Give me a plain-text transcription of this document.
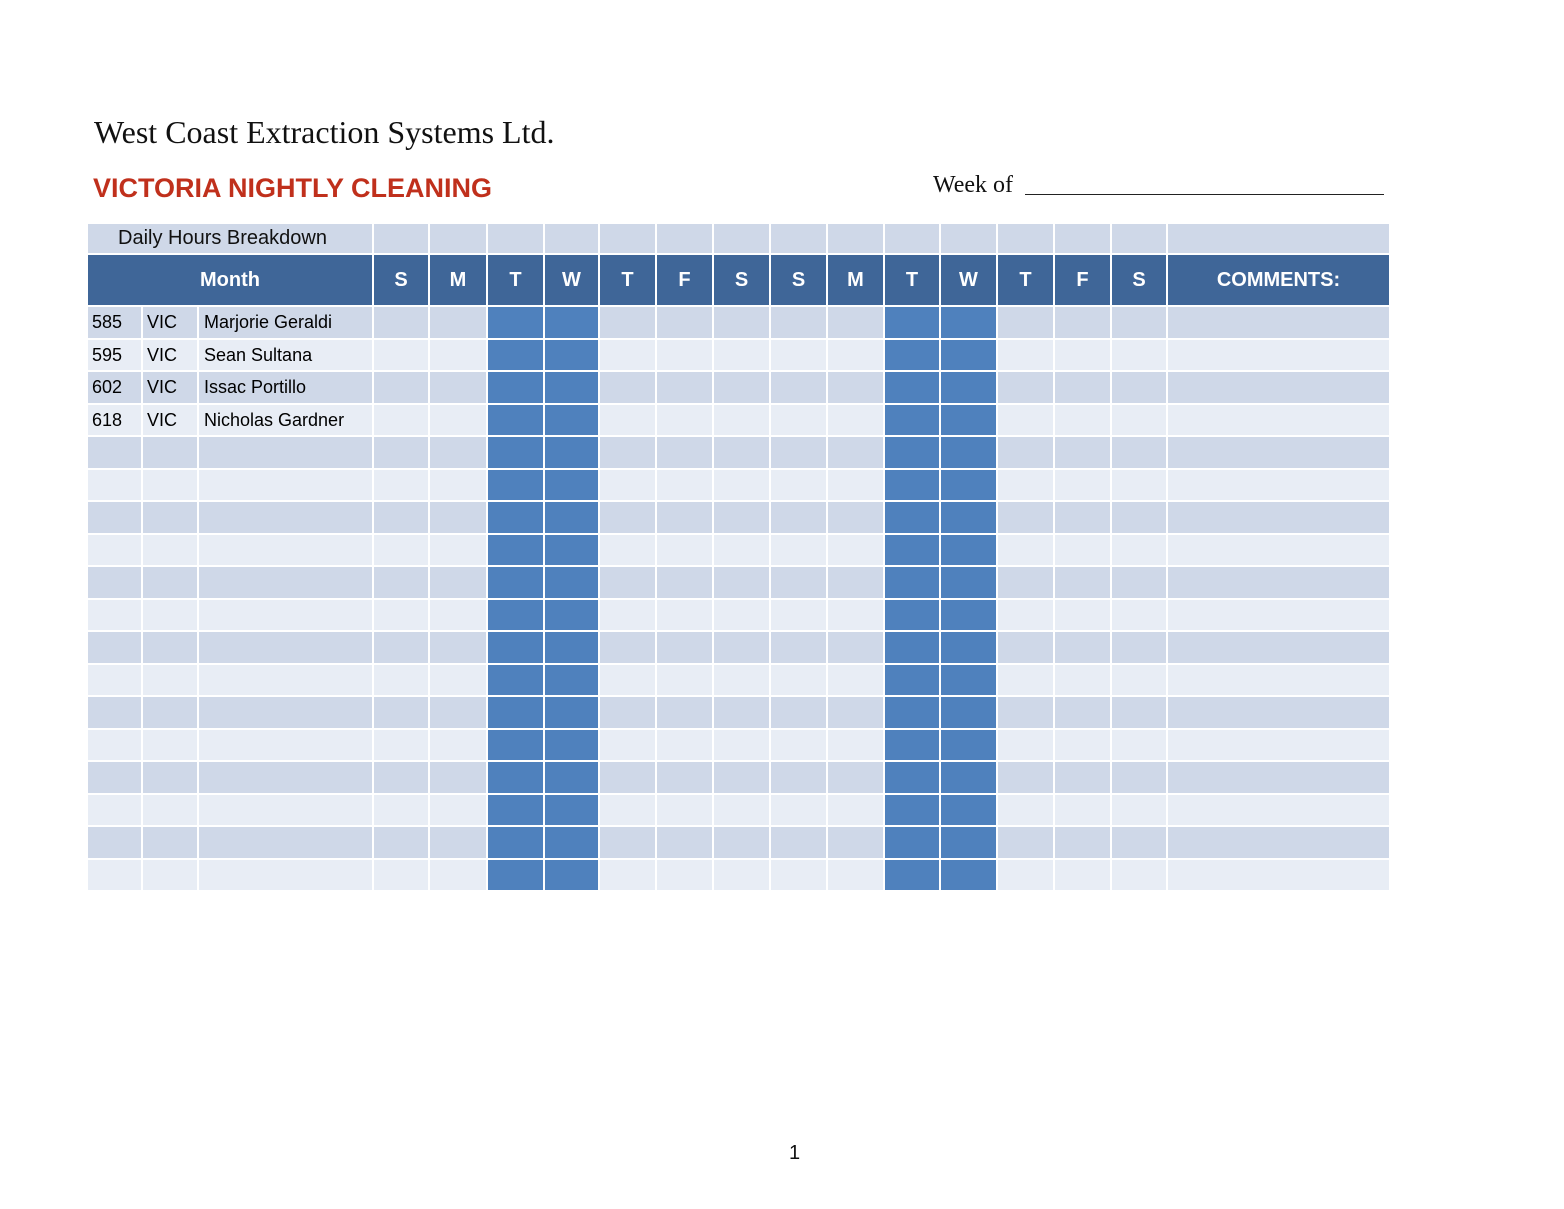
West Coast Extraction Systems Ltd.
VICTORIA NIGHTLY CLEANING	Week of
Daily Hours Breakdown																	
Month			S	M	T	W	T	F	S	S	M	T	W	T	F	S	COMMENTS:
585	VIC	Marjorie Geraldi															
595	VIC	Sean Sultana															
602	VIC	Issac Portillo															
618	VIC	Nicholas Gardner															

1
